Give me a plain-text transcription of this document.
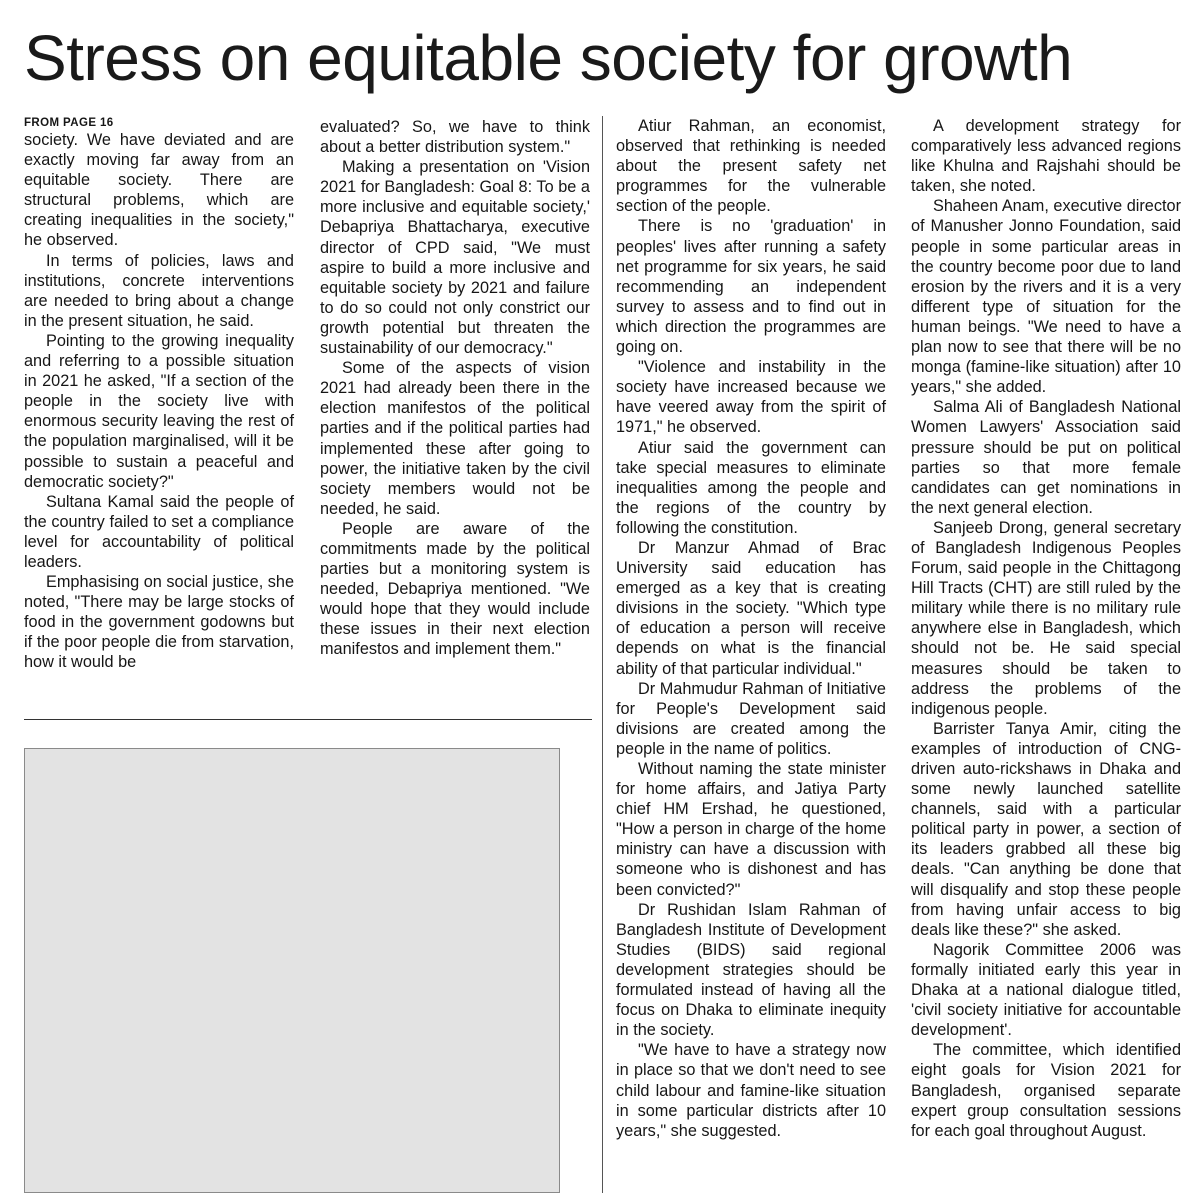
Stress on equitable society for growth
FROM PAGE 16

society. We have deviated and are exactly moving far away from an equitable society. There are structural problems, which are creating inequalities in the society," he observed.

In terms of policies, laws and institutions, concrete interventions are needed to bring about a change in the present situation, he said.

Pointing to the growing inequality and referring to a possible situation in 2021 he asked, "If a section of the people in the society live with enormous security leaving the rest of the population marginalised, will it be possible to sustain a peaceful and democratic society?"

Sultana Kamal said the people of the country failed to set a compliance level for accountability of political leaders.

Emphasising on social justice, she noted, "There may be large stocks of food in the government godowns but if the poor people die from starvation, how it would be

evaluated? So, we have to think about a better distribution system."

Making a presentation on 'Vision 2021 for Bangladesh: Goal 8: To be a more inclusive and equitable society,' Debapriya Bhattacharya, executive director of CPD said, "We must aspire to build a more inclusive and equitable society by 2021 and failure to do so could not only constrict our growth potential but threaten the sustainability of our democracy."

Some of the aspects of vision 2021 had already been there in the election manifestos of the political parties and if the political parties had implemented these after going to power, the initiative taken by the civil society members would not be needed, he said.

People are aware of the commitments made by the political parties but a monitoring system is needed, Debapriya mentioned. "We would hope that they would include these issues in their next election manifestos and implement them."

Atiur Rahman, an economist, observed that rethinking is needed about the present safety net programmes for the vulnerable section of the people.

There is no 'graduation' in peoples' lives after running a safety net programme for six years, he said recommending an independent survey to assess and to find out in which direction the programmes are going on.

"Violence and instability in the society have increased because we have veered away from the spirit of 1971," he observed.

Atiur said the government can take special measures to eliminate inequalities among the people and the regions of the country by following the constitution.

Dr Manzur Ahmad of Brac University said education has emerged as a key that is creating divisions in the society. "Which type of education a person will receive depends on what is the financial ability of that particular individual."

Dr Mahmudur Rahman of Initiative for People's Development said divisions are created among the people in the name of politics.

Without naming the state minister for home affairs, and Jatiya Party chief HM Ershad, he questioned, "How a person in charge of the home ministry can have a discussion with someone who is dishonest and has been convicted?"

Dr Rushidan Islam Rahman of Bangladesh Institute of Development Studies (BIDS) said regional development strategies should be formulated instead of having all the focus on Dhaka to eliminate inequity in the society.

"We have to have a strategy now in place so that we don't need to see child labour and famine-like situation in some particular districts after 10 years," she suggested.

A development strategy for comparatively less advanced regions like Khulna and Rajshahi should be taken, she noted.

Shaheen Anam, executive director of Manusher Jonno Foundation, said people in some particular areas in the country become poor due to land erosion by the rivers and it is a very different type of situation for the human beings. "We need to have a plan now to see that there will be no monga (famine-like situation) after 10 years," she added.

Salma Ali of Bangladesh National Women Lawyers' Association said pressure should be put on political parties so that more female candidates can get nominations in the next general election.

Sanjeeb Drong, general secretary of Bangladesh Indigenous Peoples Forum, said people in the Chittagong Hill Tracts (CHT) are still ruled by the military while there is no military rule anywhere else in Bangladesh, which should not be. He said special measures should be taken to address the problems of the indigenous people.

Barrister Tanya Amir, citing the examples of introduction of CNG-driven auto-rickshaws in Dhaka and some newly launched satellite channels, said with a particular political party in power, a section of its leaders grabbed all these big deals. "Can anything be done that will disqualify and stop these people from having unfair access to big deals like these?" she asked.

Nagorik Committee 2006 was formally initiated early this year in Dhaka at a national dialogue titled, 'civil society initiative for accountable development'.

The committee, which identified eight goals for Vision 2021 for Bangladesh, organised separate expert group consultation sessions for each goal throughout August.
